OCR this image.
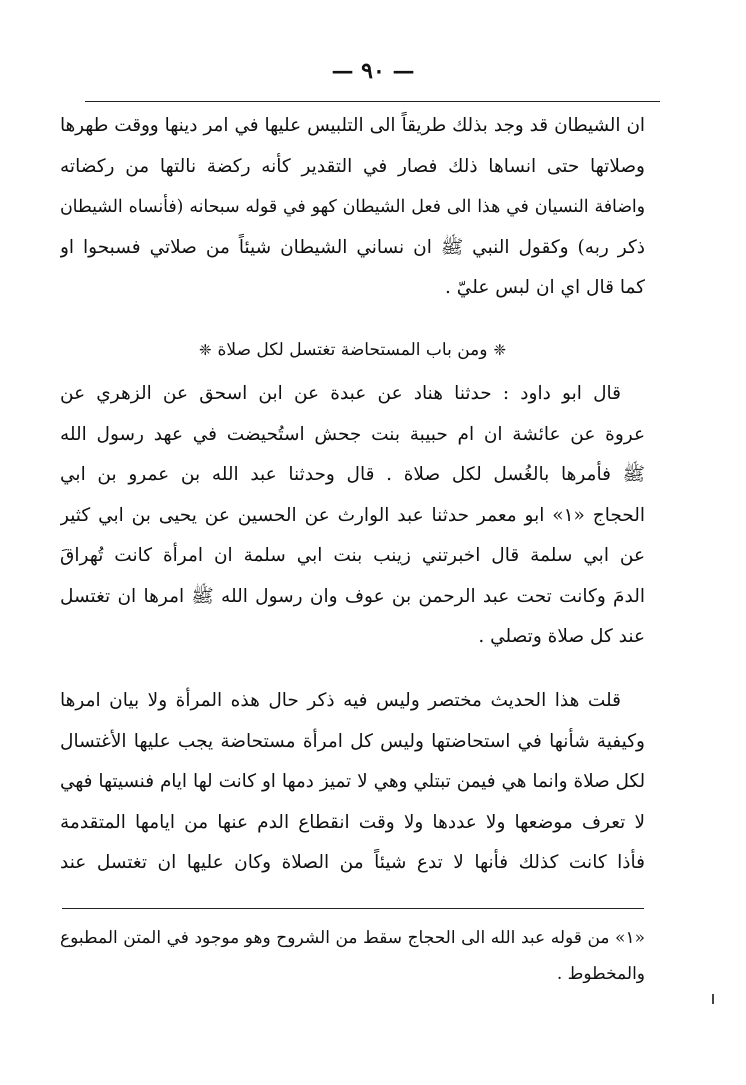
— ٩٠ —
ان الشيطان قد وجد بذلك طريقاً الى التلبيس عليها في امر دينها ووقت طهرها
وصلاتها حتى انساها ذلك فصار في التقدير كأنه ركضة نالتها من ركضاته
واضافة النسيان في هذا الى فعل الشيطان كهو في قوله سبحانه (فأنساه الشيطان
ذكر ربه) وكقول النبي ﷺ ان نساني الشيطان شيئاً من صلاتي فسبحوا او
كما قال اي ان لبس عليّ .
❈ومن باب المستحاضة تغتسل لكل صلاة❈
قال ابو داود : حدثنا هناد عن عبدة عن ابن اسحق عن الزهري عن
عروة عن عائشة ان ام حبيبة بنت جحش استُحيضت في عهد رسول الله
ﷺ فأمرها بالغُسل لكل صلاة . قال وحدثنا عبد الله بن عمرو بن ابي
الحجاج «١» ابو معمر حدثنا عبد الوارث عن الحسين عن يحيى بن ابي كثير
عن ابي سلمة قال اخبرتني زينب بنت ابي سلمة ان امرأة كانت تُهراقَ
الدمَ وكانت تحت عبد الرحمن بن عوف وان رسول الله ﷺ امرها ان تغتسل
عند كل صلاة وتصلي .
قلت هذا الحديث مختصر وليس فيه ذكر حال هذه المرأة ولا بيان امرها
وكيفية شأنها في استحاضتها وليس كل امرأة مستحاضة يجب عليها الأغتسال
لكل صلاة وانما هي فيمن تبتلي وهي لا تميز دمها او كانت لها ايام فنسيتها فهي
لا تعرف موضعها ولا عددها ولا وقت انقطاع الدم عنها من ايامها المتقدمة
فأذا كانت كذلك فأنها لا تدع شيئاً من الصلاة وكان عليها ان تغتسل عند
«١» من قوله عبد الله الى الحجاج سقط من الشروح وهو موجود في المتن المطبوع
والمخطوط .
